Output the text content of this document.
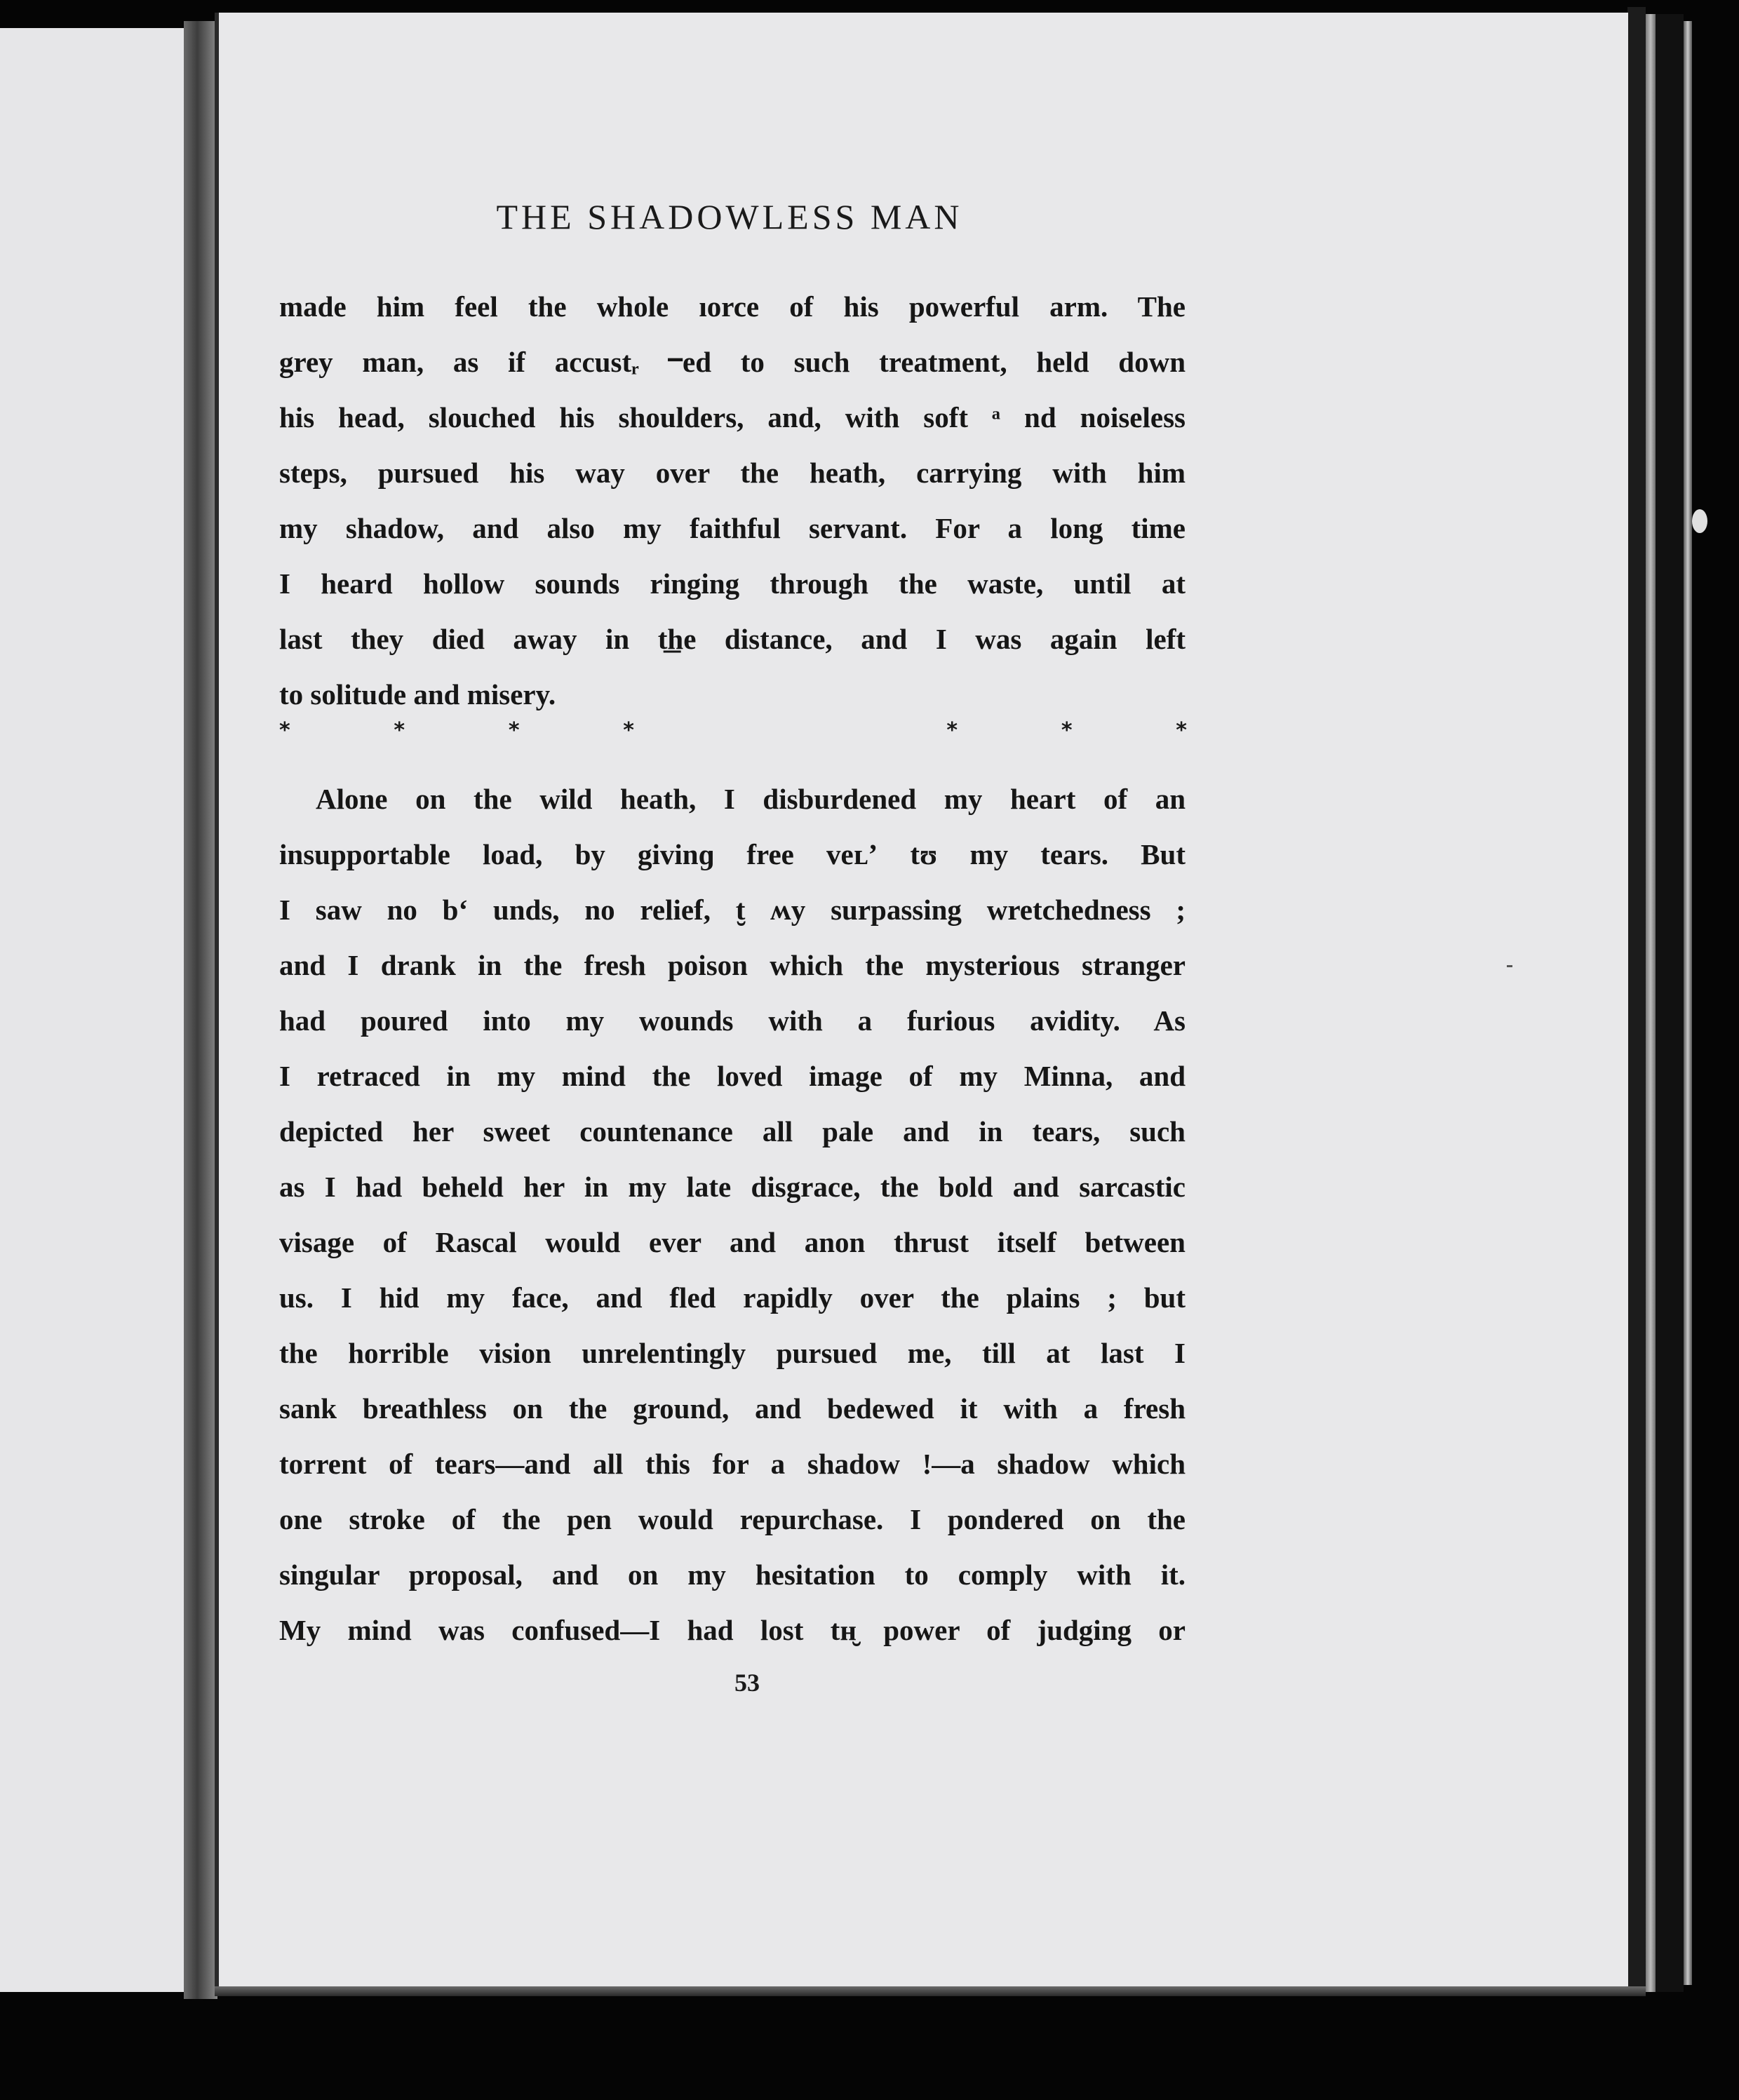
THE SHADOWLESS MAN
made him feel the whole ıorce of his powerful arm. The
grey man, as if accustᵣ ⲻed to such treatment, held down
his head, slouched his shoulders, and, with soft ᵃ nd noiseless
steps, pursued his way over the heath, carrying with him
my shadow, and also my faithful servant. For a long time
I heard hollow sounds ringing through the waste, until at
last they died away in t͟he distance, and I was again left
to solitude and misery.
*	*	*	*	*	*	*
Alone on the wild heath, I disburdened my heart of an
insupportable load, by givinɡ free veʟʼ tʊ my tears. But
I saw no bʻ unds, no relief, t̮ ʍy surpassing wretchedness ;
and I drank in the fresh poison which the mysterious stranger
had poured into my wounds with a furious avidity. As
I retraced in my mind the loved image of my Minna, and
depicted her sweet countenance all pale and in tears, such
as I had beheld her in my late disgrace, the bold and sarcastic
visage of Rascal would ever and anon thrust itself between
us. I hid my face, and fled rapidly over the plains ; but
the horrible vision unrelentingly pursued me, till at last I
sank breathless on the ground, and bedewed it with a fresh
torrent of tears—and all this for a shadow !—a shadow which
one stroke of the pen would repurchase. I pondered on the
singular proposal, and on my hesitation to comply with it.
My mind was confused—I had lost tʜ̮ power of judging or
53
